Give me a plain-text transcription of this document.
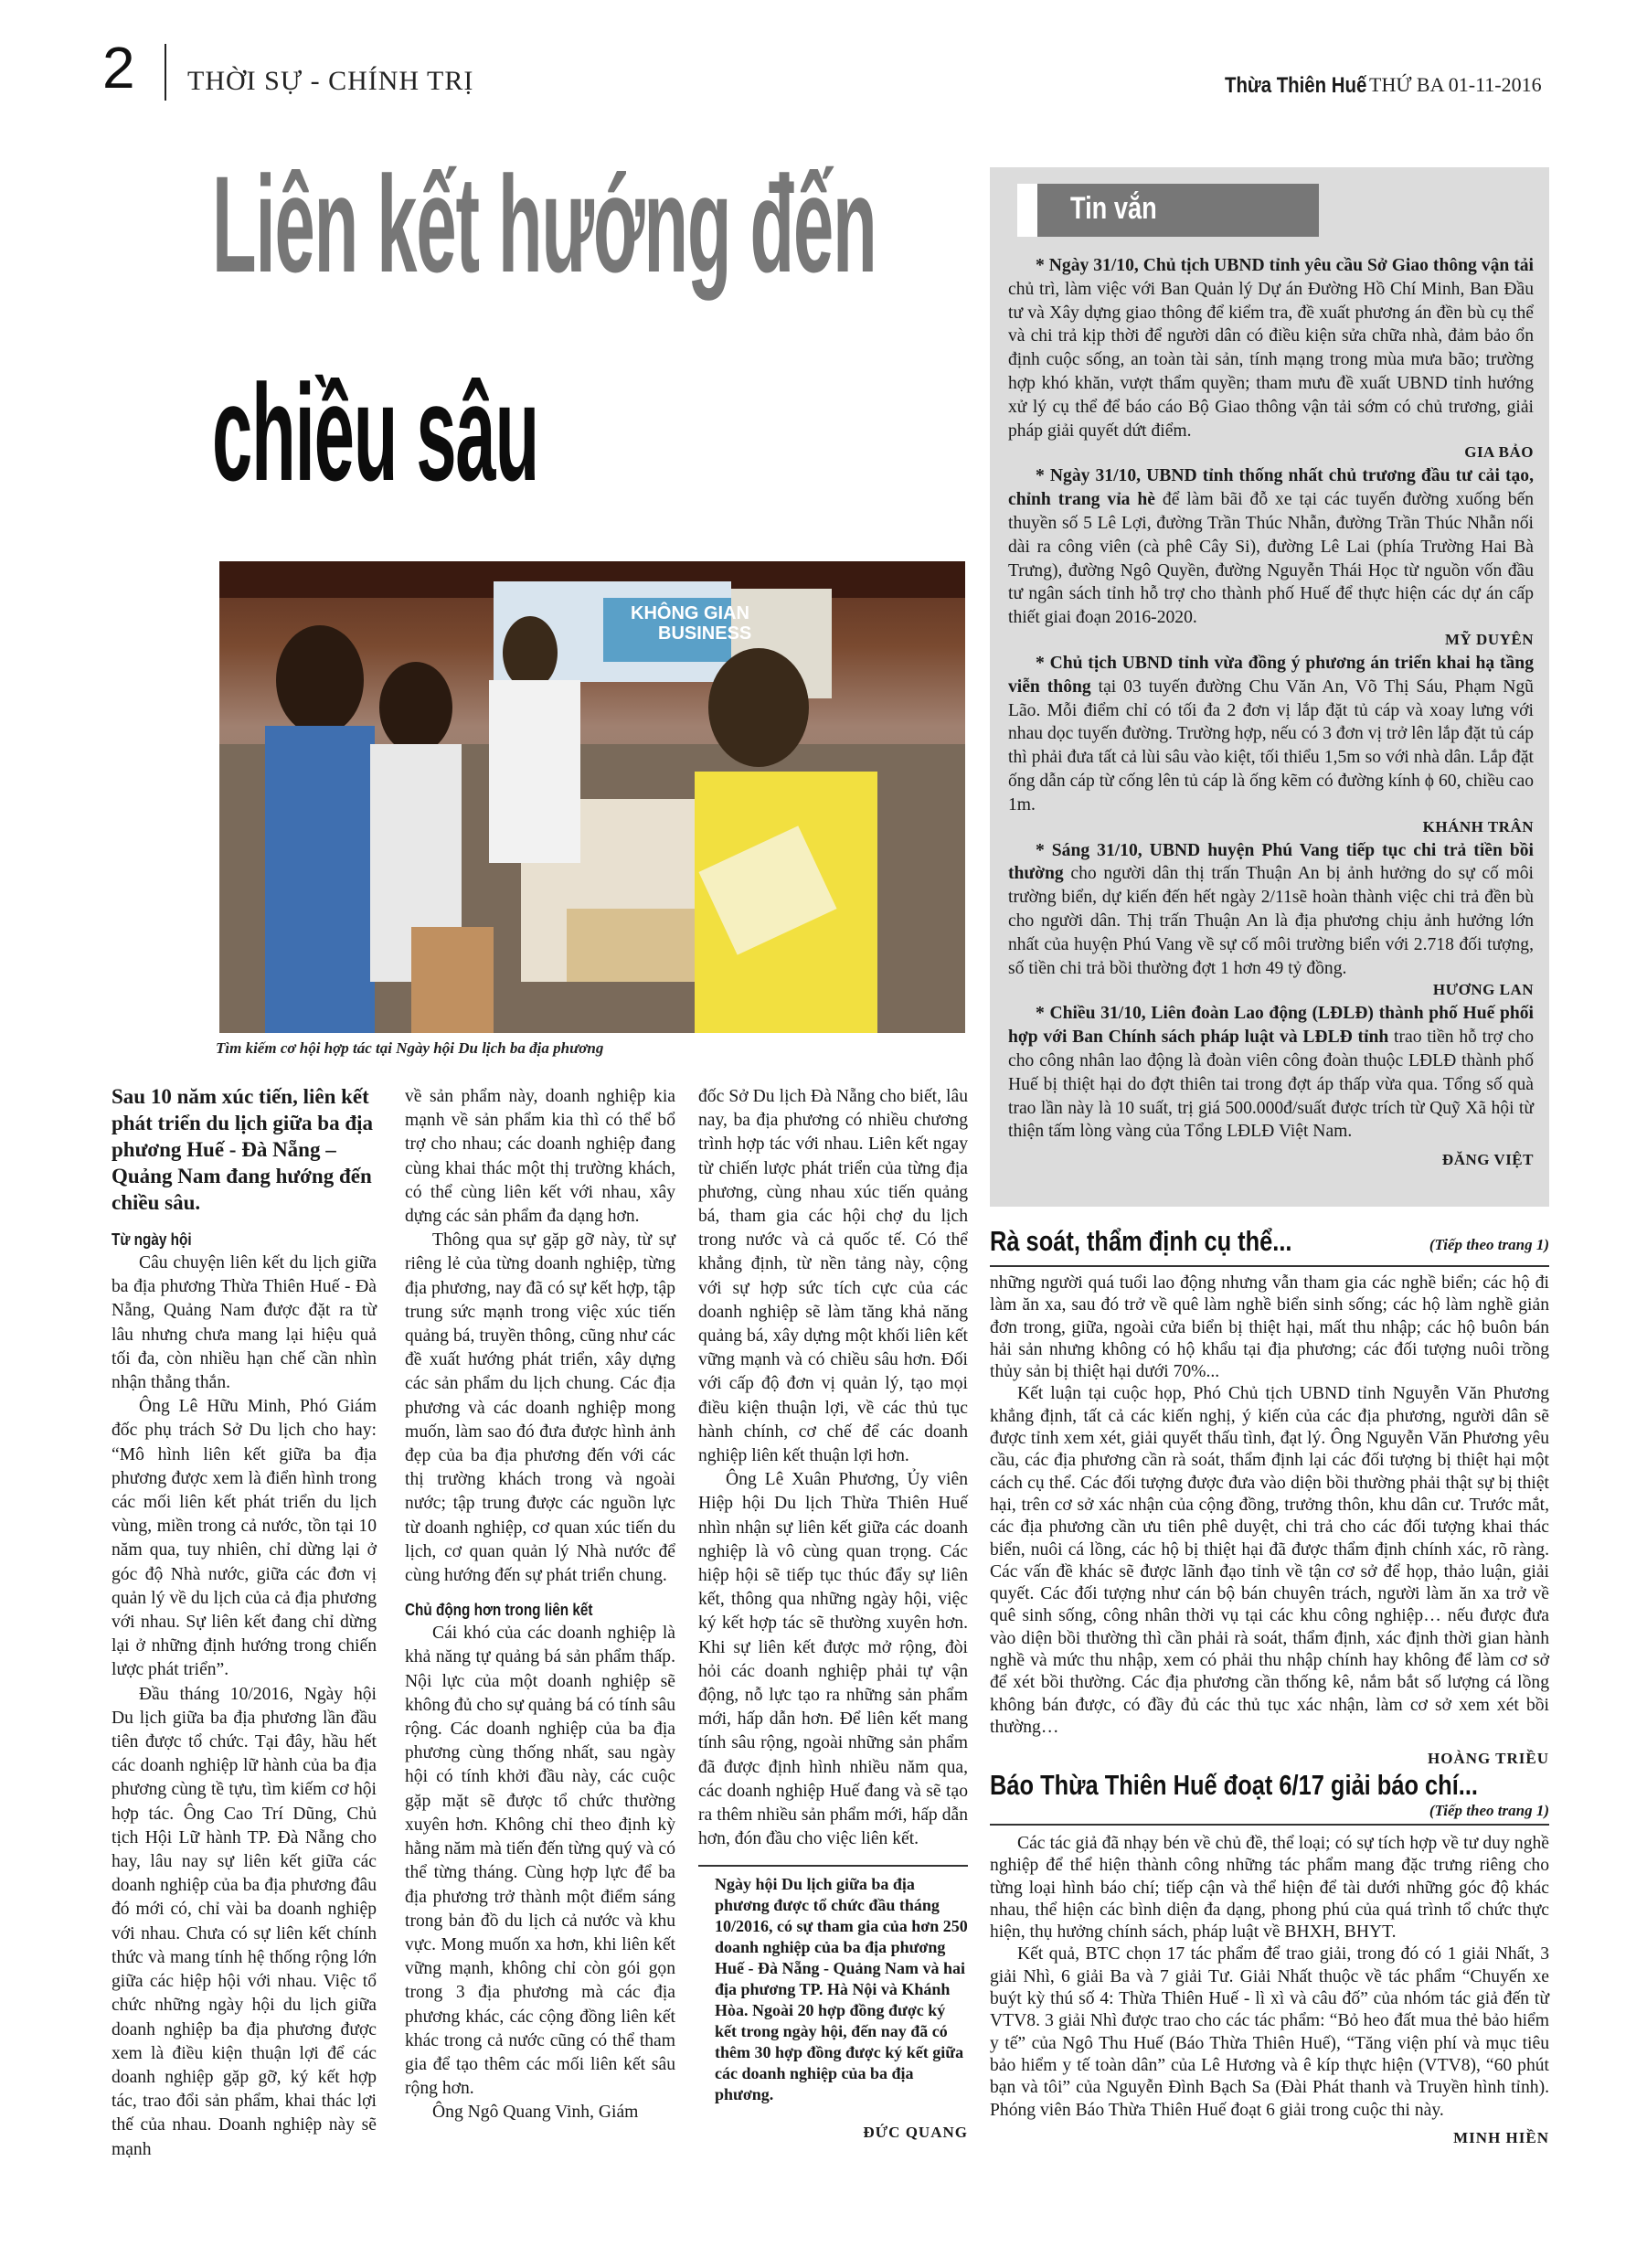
2 THỜI SỰ - CHÍNH TRỊ	Thừa Thiên Huế THỨ BA 01-11-2016
Liên kết hướng đến
chiều sâu
KHÔNG GIAN
BUSINESS
Tìm kiếm cơ hội hợp tác tại Ngày hội Du lịch ba địa phương

Sau 10 năm xúc tiến, liên kết phát triển du lịch giữa ba địa phương Huế - Đà Nẵng – Quảng Nam đang hướng đến chiều sâu.

Từ ngày hội

Câu chuyện liên kết du lịch giữa ba địa phương Thừa Thiên Huế - Đà Nẵng, Quảng Nam được đặt ra từ lâu nhưng chưa mang lại hiệu quả tối đa, còn nhiều hạn chế cần nhìn nhận thẳng thắn.

Ông Lê Hữu Minh, Phó Giám đốc phụ trách Sở Du lịch cho hay: “Mô hình liên kết giữa ba địa phương được xem là điển hình trong các mối liên kết phát triển du lịch vùng, miền trong cả nước, tồn tại 10 năm qua, tuy nhiên, chỉ dừng lại ở góc độ Nhà nước, giữa các đơn vị quản lý về du lịch của cả địa phương với nhau. Sự liên kết đang chỉ dừng lại ở những định hướng trong chiến lược phát triển”.

Đầu tháng 10/2016, Ngày hội Du lịch giữa ba địa phương lần đầu tiên được tổ chức. Tại đây, hầu hết các doanh nghiệp lữ hành của ba địa phương cùng tề tựu, tìm kiếm cơ hội hợp tác. Ông Cao Trí Dũng, Chủ tịch Hội Lữ hành TP. Đà Nẵng cho hay, lâu nay sự liên kết giữa các doanh nghiệp của ba địa phương đâu đó mới có, chỉ vài ba doanh nghiệp với nhau. Chưa có sự liên kết chính thức và mang tính hệ thống rộng lớn giữa các hiệp hội với nhau. Việc tổ chức những ngày hội du lịch giữa doanh nghiệp ba địa phương được xem là điều kiện thuận lợi để các doanh nghiệp gặp gỡ, ký kết hợp tác, trao đổi sản phẩm, khai thác lợi thế của nhau. Doanh nghiệp này sẽ mạnh

về sản phẩm này, doanh nghiệp kia mạnh về sản phẩm kia thì có thể bổ trợ cho nhau; các doanh nghiệp đang cùng khai thác một thị trường khách, có thể cùng liên kết với nhau, xây dựng các sản phẩm đa dạng hơn.

Thông qua sự gặp gỡ này, từ sự riêng lẻ của từng doanh nghiệp, từng địa phương, nay đã có sự kết hợp, tập trung sức mạnh trong việc xúc tiến quảng bá, truyền thông, cũng như các đề xuất hướng phát triển, xây dựng các sản phẩm du lịch chung. Các địa phương và các doanh nghiệp mong muốn, làm sao đó đưa được hình ảnh đẹp của ba địa phương đến với các thị trường khách trong và ngoài nước; tập trung được các nguồn lực từ doanh nghiệp, cơ quan xúc tiến du lịch, cơ quan quản lý Nhà nước để cùng hướng đến sự phát triển chung.

Chủ động hơn trong liên kết

Cái khó của các doanh nghiệp là khả năng tự quảng bá sản phẩm thấp. Nội lực của một doanh nghiệp sẽ không đủ cho sự quảng bá có tính sâu rộng. Các doanh nghiệp của ba địa phương cùng thống nhất, sau ngày hội có tính khởi đầu này, các cuộc gặp mặt sẽ được tổ chức thường xuyên hơn. Không chỉ theo định kỳ hằng năm mà tiến đến từng quý và có thể từng tháng. Cùng hợp lực để ba địa phương trở thành một điểm sáng trong bản đồ du lịch cả nước và khu vực. Mong muốn xa hơn, khi liên kết vững mạnh, không chỉ còn gói gọn trong 3 địa phương mà các địa phương khác, các cộng đồng liên kết khác trong cả nước cũng có thể tham gia để tạo thêm các mối liên kết sâu rộng hơn.

Ông Ngô Quang Vinh, Giám

đốc Sở Du lịch Đà Nẵng cho biết, lâu nay, ba địa phương có nhiều chương trình hợp tác với nhau. Liên kết ngay từ chiến lược phát triển của từng địa phương, cùng nhau xúc tiến quảng bá, tham gia các hội chợ du lịch trong nước và cả quốc tế. Có thể khẳng định, từ nền tảng này, cộng với sự hợp sức tích cực của các doanh nghiệp sẽ làm tăng khả năng quảng bá, xây dựng một khối liên kết vững mạnh và có chiều sâu hơn. Đối với cấp độ đơn vị quản lý, tạo mọi điều kiện thuận lợi, về các thủ tục hành chính, cơ chế để các doanh nghiệp liên kết thuận lợi hơn.

Ông Lê Xuân Phương, Ủy viên Hiệp hội Du lịch Thừa Thiên Huế nhìn nhận sự liên kết giữa các doanh nghiệp là vô cùng quan trọng. Các hiệp hội sẽ tiếp tục thúc đẩy sự liên kết, thông qua những ngày hội, việc ký kết hợp tác sẽ thường xuyên hơn. Khi sự liên kết được mở rộng, đòi hỏi các doanh nghiệp phải tự vận động, nỗ lực tạo ra những sản phẩm mới, hấp dẫn hơn. Để liên kết mang tính sâu rộng, ngoài những sản phẩm đã được định hình nhiều năm qua, các doanh nghiệp Huế đang và sẽ tạo ra thêm nhiều sản phẩm mới, hấp dẫn hơn, đón đầu cho việc liên kết.

Ngày hội Du lịch giữa ba địa phương được tổ chức đầu tháng 10/2016, có sự tham gia của hơn 250 doanh nghiệp của ba địa phương Huế - Đà Nẵng - Quảng Nam và hai địa phương TP. Hà Nội và Khánh Hòa. Ngoài 20 hợp đồng được ký kết trong ngày hội, đến nay đã có thêm 30 hợp đồng được ký kết giữa các doanh nghiệp của ba địa phương.

ĐỨC QUANG

Tin vắn

* Ngày 31/10, Chủ tịch UBND tỉnh yêu cầu Sở Giao thông vận tải chủ trì, làm việc với Ban Quản lý Dự án Đường Hồ Chí Minh, Ban Đầu tư và Xây dựng giao thông để kiểm tra, đề xuất phương án đền bù cụ thể và chi trả kịp thời để người dân có điều kiện sửa chữa nhà, đảm bảo ổn định cuộc sống, an toàn tài sản, tính mạng trong mùa mưa bão; trường hợp khó khăn, vượt thẩm quyền; tham mưu đề xuất UBND tỉnh hướng xử lý cụ thể để báo cáo Bộ Giao thông vận tải sớm có chủ trương, giải pháp giải quyết dứt điểm.

GIA BẢO

* Ngày 31/10, UBND tỉnh thống nhất chủ trương đầu tư cải tạo, chỉnh trang vỉa hè để làm bãi đỗ xe tại các tuyến đường xuống bến thuyền số 5 Lê Lợi, đường Trần Thúc Nhẫn, đường Trần Thúc Nhẫn nối dài ra công viên (cà phê Cây Si), đường Lê Lai (phía Trường Hai Bà Trưng), đường Ngô Quyền, đường Nguyễn Thái Học từ nguồn vốn đầu tư ngân sách tỉnh hỗ trợ cho thành phố Huế để thực hiện các dự án cấp thiết giai đoạn 2016-2020.

MỸ DUYÊN

* Chủ tịch UBND tỉnh vừa đồng ý phương án triển khai hạ tầng viễn thông tại 03 tuyến đường Chu Văn An, Võ Thị Sáu, Phạm Ngũ Lão. Mỗi điểm chỉ có tối đa 2 đơn vị lắp đặt tủ cáp và xoay lưng với nhau dọc tuyến đường. Trường hợp, nếu có 3 đơn vị trở lên lắp đặt tủ cáp thì phải đưa tất cả lùi sâu vào kiệt, tối thiểu 1,5m so với nhà dân. Lắp đặt ống dẫn cáp từ cống lên tủ cáp là ống kẽm có đường kính ϕ 60, chiều cao 1m.

KHÁNH TRÂN

* Sáng 31/10, UBND huyện Phú Vang tiếp tục chi trả tiền bồi thường cho người dân thị trấn Thuận An bị ảnh hưởng do sự cố môi trường biển, dự kiến đến hết ngày 2/11sẽ hoàn thành việc chi trả đền bù cho người dân. Thị trấn Thuận An là địa phương chịu ảnh hưởng lớn nhất của huyện Phú Vang về sự cố môi trường biển với 2.718 đối tượng, số tiền chi trả bồi thường đợt 1 hơn 49 tỷ đồng.

HƯƠNG LAN

* Chiều 31/10, Liên đoàn Lao động (LĐLĐ) thành phố Huế phối hợp với Ban Chính sách pháp luật và LĐLĐ tỉnh trao tiền hỗ trợ cho cho công nhân lao động là đoàn viên công đoàn thuộc LĐLĐ thành phố Huế bị thiệt hại do đợt thiên tai trong đợt áp thấp vừa qua. Tổng số quà trao lần này là 10 suất, trị giá 500.000đ/suất được trích từ Quỹ Xã hội từ thiện tấm lòng vàng của Tổng LĐLĐ Việt Nam.

ĐĂNG VIỆT

Rà soát, thẩm định cụ thể...	(Tiếp theo trang 1)

những người quá tuổi lao động nhưng vẫn tham gia các nghề biển; các hộ đi làm ăn xa, sau đó trở về quê làm nghề biển sinh sống; các hộ làm nghề giản đơn trong, giữa, ngoài cửa biển bị thiệt hại, mất thu nhập; các hộ buôn bán hải sản nhưng không có hộ khẩu tại địa phương; các đối tượng nuôi trồng thủy sản bị thiệt hại dưới 70%...

Kết luận tại cuộc họp, Phó Chủ tịch UBND tỉnh Nguyễn Văn Phương khẳng định, tất cả các kiến nghị, ý kiến của các địa phương, người dân sẽ được tỉnh xem xét, giải quyết thấu tình, đạt lý. Ông Nguyễn Văn Phương yêu cầu, các địa phương cần rà soát, thẩm định lại các đối tượng bị thiệt hại một cách cụ thể. Các đối tượng được đưa vào diện bồi thường phải thật sự bị thiệt hại, trên cơ sở xác nhận của cộng đồng, trưởng thôn, khu dân cư. Trước mắt, các địa phương cần ưu tiên phê duyệt, chi trả cho các đối tượng khai thác biển, nuôi cá lồng, các hộ bị thiệt hại đã được thẩm định chính xác, rõ ràng. Các vấn đề khác sẽ được lãnh đạo tỉnh về tận cơ sở để họp, thảo luận, giải quyết. Các đối tượng như cán bộ bán chuyên trách, người làm ăn xa trở về quê sinh sống, công nhân thời vụ tại các khu công nghiệp… nếu được đưa vào diện bồi thường thì cần phải rà soát, thẩm định, xác định thời gian hành nghề và mức thu nhập, xem có phải thu nhập chính hay không để làm cơ sở để xét bồi thường. Các địa phương cần thống kê, nắm bắt số lượng cá lồng không bán được, có đầy đủ các thủ tục xác nhận, làm cơ sở xem xét bồi thường…

HOÀNG TRIỀU

Báo Thừa Thiên Huế đoạt 6/17 giải báo chí...
(Tiếp theo trang 1)

Các tác giả đã nhạy bén về chủ đề, thể loại; có sự tích hợp về tư duy nghề nghiệp để thể hiện thành công những tác phẩm mang đặc trưng riêng cho từng loại hình báo chí; tiếp cận và thể hiện để tài dưới những góc độ khác nhau, thể hiện các bình diện đa dạng, phong phú của quá trình tổ chức thực hiện, thụ hưởng chính sách, pháp luật về BHXH, BHYT.

Kết quả, BTC chọn 17 tác phẩm để trao giải, trong đó có 1 giải Nhất, 3 giải Nhì, 6 giải Ba và 7 giải Tư. Giải Nhất thuộc về tác phẩm “Chuyến xe buýt kỳ thú số 4: Thừa Thiên Huế - lì xì và câu đố” của nhóm tác giả đến từ VTV8. 3 giải Nhì được trao cho các tác phẩm: “Bỏ heo đất mua thẻ bảo hiểm y tế” của Ngô Thu Huế (Báo Thừa Thiên Huế), “Tăng viện phí và mục tiêu bảo hiểm y tế toàn dân” của Lê Hương và ê kíp thực hiện (VTV8), “60 phút bạn và tôi” của Nguyễn Đình Bạch Sa (Đài Phát thanh và Truyền hình tỉnh). Phóng viên Báo Thừa Thiên Huế đoạt 6 giải trong cuộc thi này.

MINH HIỀN
